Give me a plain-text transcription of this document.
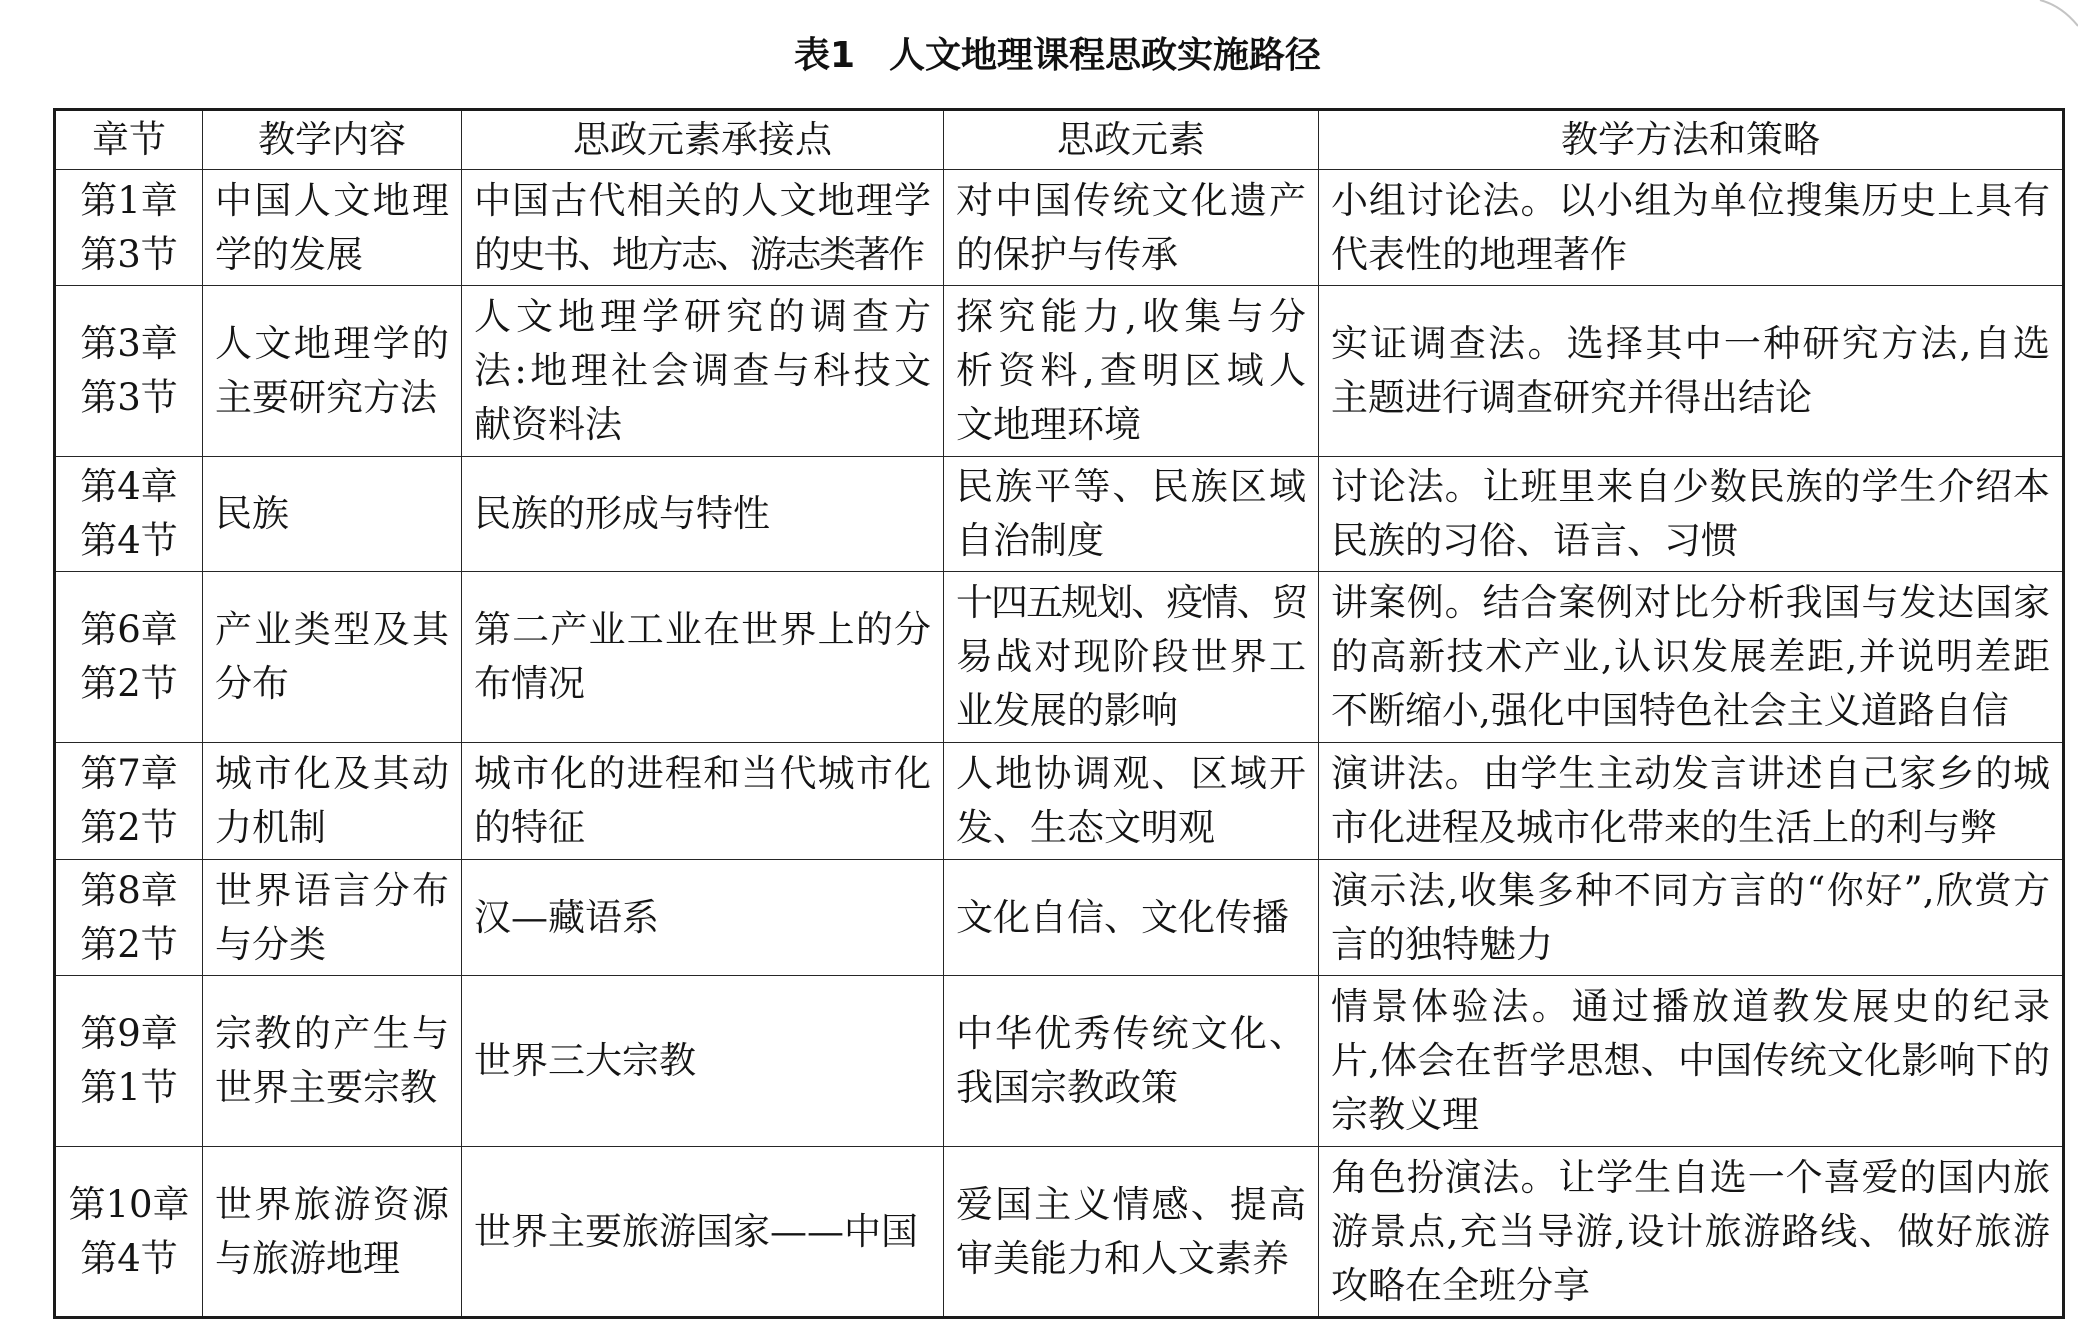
表1 人文地理课程思政实施路径
章节	教学内容	思政元素承接点	思政元素	教学方法和策略

第1章
第3节	中国人文地理
学的发展	中国古代相关的人文地理学
的史书、地方志、游志类著作	对中国传统文化遗产
的保护与传承	小组讨论法。以小组为单位搜集历史上具有
代表性的地理著作

第3章
第3节	人文地理学的
主要研究方法	人文地理学研究的调查方
法:地理社会调查与科技文
献资料法	探究能力,收集与分
析资料,查明区域人
文地理环境	实证调查法。选择其中一种研究方法,自选
主题进行调查研究并得出结论

第4章
第4节	民族	民族的形成与特性	民族平等、民族区域
自治制度	讨论法。让班里来自少数民族的学生介绍本
民族的习俗、语言、习惯

第6章
第2节	产业类型及其
分布	第二产业工业在世界上的分
布情况	十四五规划、疫情、贸
易战对现阶段世界工
业发展的影响	讲案例。结合案例对比分析我国与发达国家
的高新技术产业,认识发展差距,并说明差距
不断缩小,强化中国特色社会主义道路自信

第7章
第2节	城市化及其动
力机制	城市化的进程和当代城市化
的特征	人地协调观、区域开
发、生态文明观	演讲法。由学生主动发言讲述自己家乡的城
市化进程及城市化带来的生活上的利与弊

第8章
第2节	世界语言分布
与分类	汉—藏语系	文化自信、文化传播	演示法,收集多种不同方言的“你好”,欣赏方
言的独特魅力

第9章
第1节	宗教的产生与
世界主要宗教	世界三大宗教	中华优秀传统文化、
我国宗教政策	情景体验法。通过播放道教发展史的纪录
片,体会在哲学思想、中国传统文化影响下的
宗教义理

第10章
第4节	世界旅游资源
与旅游地理	世界主要旅游国家——中国	爱国主义情感、提高
审美能力和人文素养	角色扮演法。让学生自选一个喜爱的国内旅
游景点,充当导游,设计旅游路线、做好旅游
攻略在全班分享
